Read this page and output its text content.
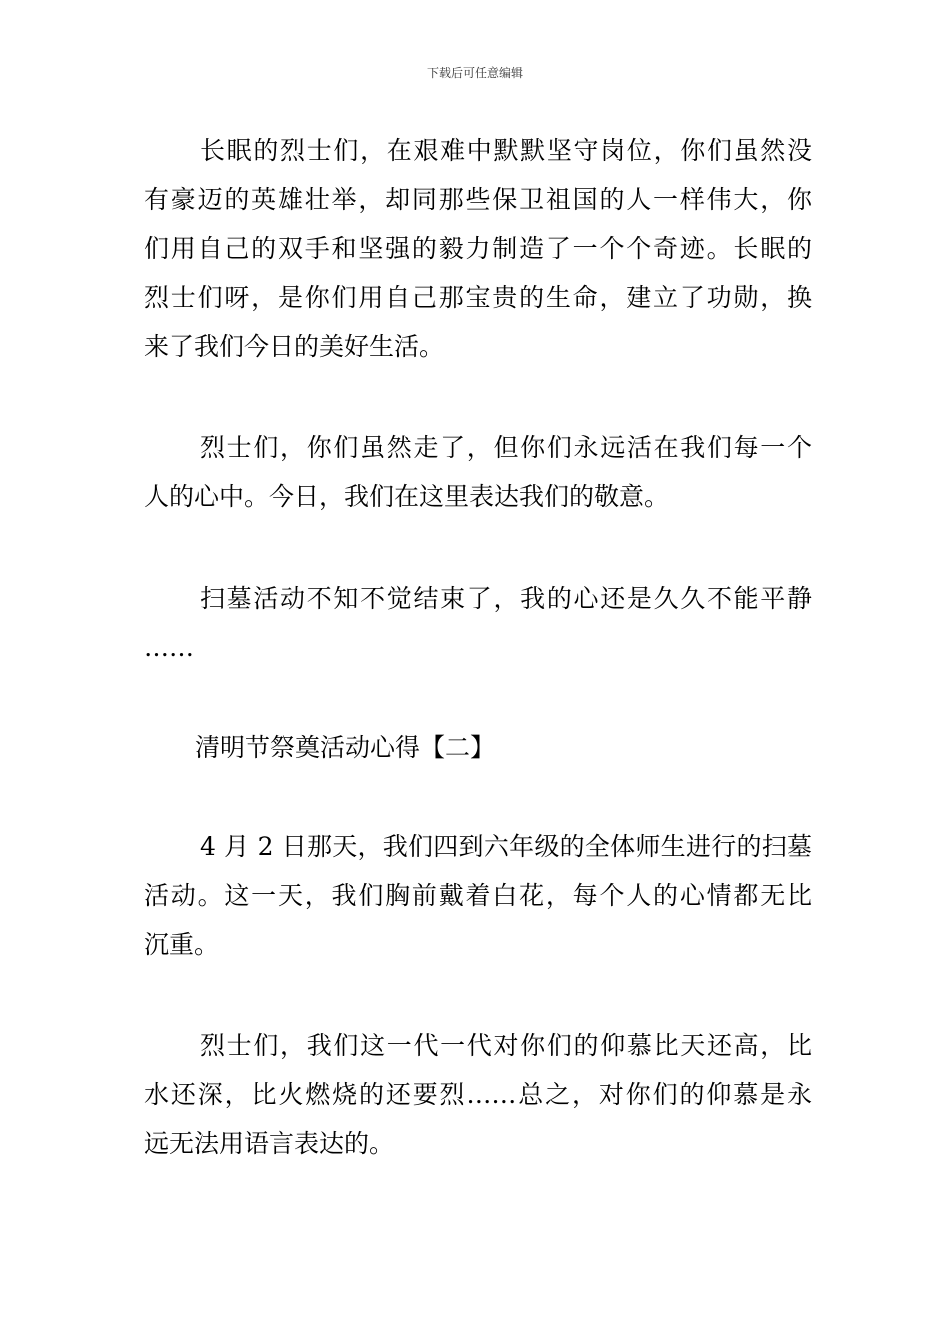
下载后可任意编辑
长眠的烈士们，在艰难中默默坚守岗位，你们虽然没
有豪迈的英雄壮举，却同那些保卫祖国的人一样伟大，你
们用自己的双手和坚强的毅力制造了一个个奇迹。长眠的
烈士们呀，是你们用自己那宝贵的生命，建立了功勋，换
来了我们今日的美好生活。
烈士们，你们虽然走了，但你们永远活在我们每一个
人的心中。今日，我们在这里表达我们的敬意。
扫墓活动不知不觉结束了，我的心还是久久不能平静
……
清明节祭奠活动心得【二】
4 月 2 日那天，我们四到六年级的全体师生进行的扫墓
活动。这一天，我们胸前戴着白花，每个人的心情都无比
沉重。
烈士们，我们这一代一代对你们的仰慕比天还高，比
水还深，比火燃烧的还要烈……总之，对你们的仰慕是永
远无法用语言表达的。
